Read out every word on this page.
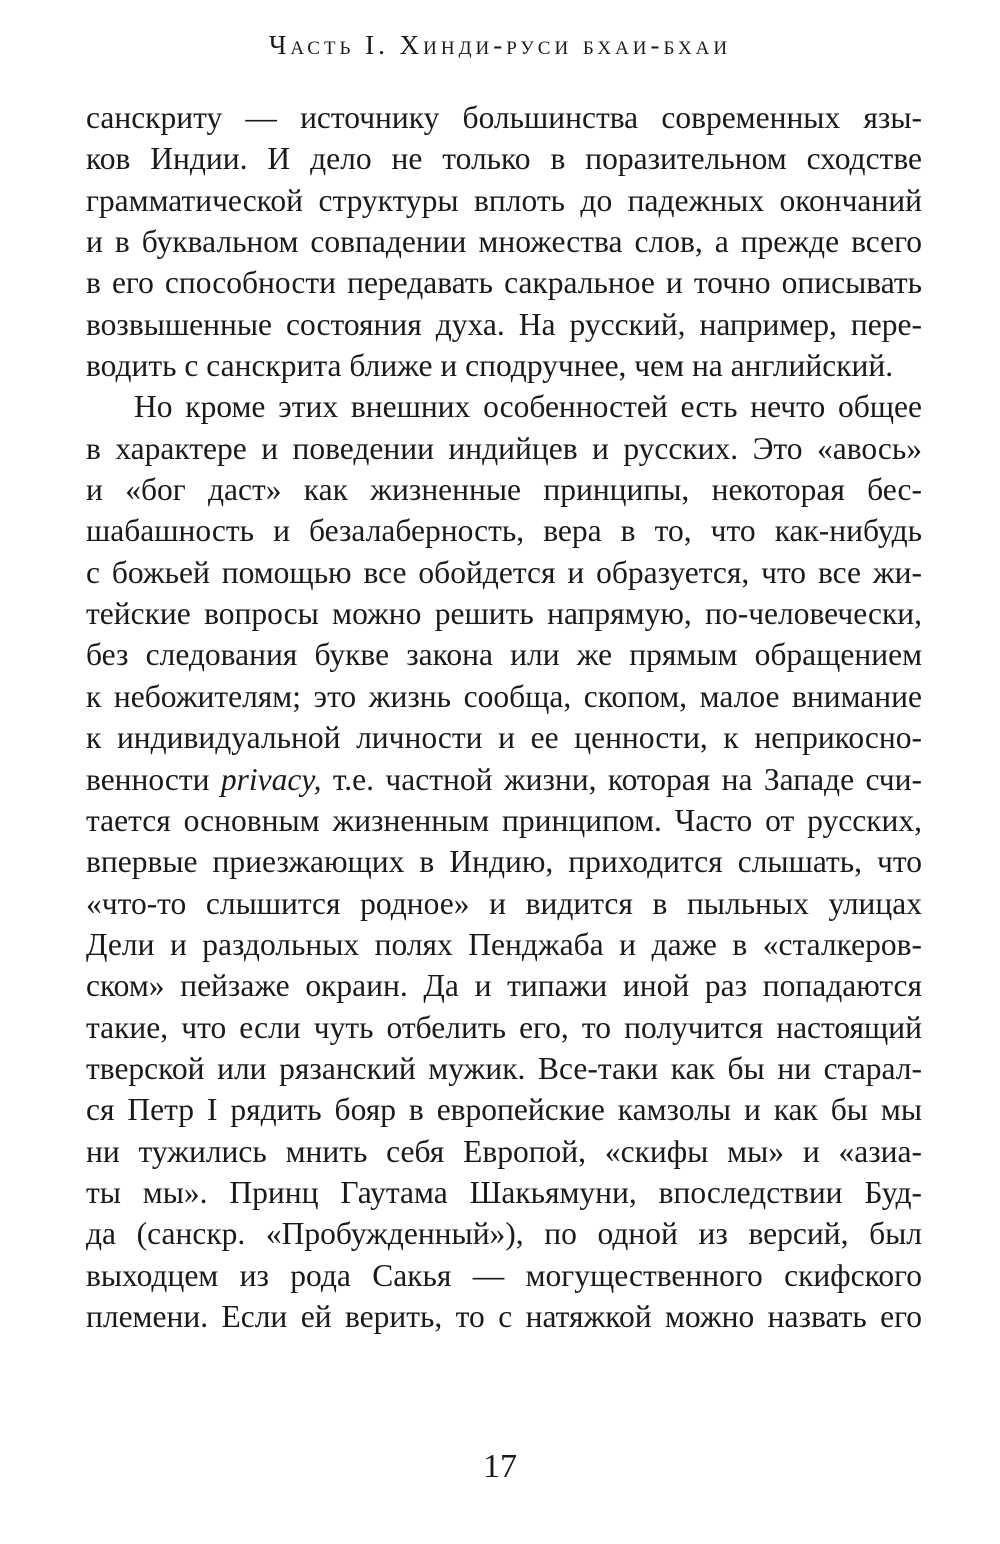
Часть I. Хинди-руси бхаи-бхаи
санскриту — источнику большинства современных язы-
ков Индии. И дело не только в поразительном сходстве
грамматической структуры вплоть до падежных окончаний
и в буквальном совпадении множества слов, а прежде всего
в его способности передавать сакральное и точно описывать
возвышенные состояния духа. На русский, например, пере-
водить с санскрита ближе и сподручнее, чем на английский.
Но кроме этих внешних особенностей есть нечто общее
в характере и поведении индийцев и русских. Это «авось»
и «бог даст» как жизненные принципы, некоторая бес-
шабашность и безалаберность, вера в то, что как-нибудь
с божьей помощью все обойдется и образуется, что все жи-
тейские вопросы можно решить напрямую, по-человечески,
без следования букве закона или же прямым обращением
к небожителям; это жизнь сообща, скопом, малое внимание
к индивидуальной личности и ее ценности, к неприкосно-
венности privacy, т.е. частной жизни, которая на Западе счи-
тается основным жизненным принципом. Часто от русских,
впервые приезжающих в Индию, приходится слышать, что
«что-то слышится родное» и видится в пыльных улицах
Дели и раздольных полях Пенджаба и даже в «сталкеров-
ском» пейзаже окраин. Да и типажи иной раз попадаются
такие, что если чуть отбелить его, то получится настоящий
тверской или рязанский мужик. Все-таки как бы ни старал-
ся Петр I рядить бояр в европейские камзолы и как бы мы
ни тужились мнить себя Европой, «скифы мы» и «азиа-
ты мы». Принц Гаутама Шакьямуни, впоследствии Буд-
да (санскр. «Пробужденный»), по одной из версий, был
выходцем из рода Сакья — могущественного скифского
племени. Если ей верить, то с натяжкой можно назвать его
17
